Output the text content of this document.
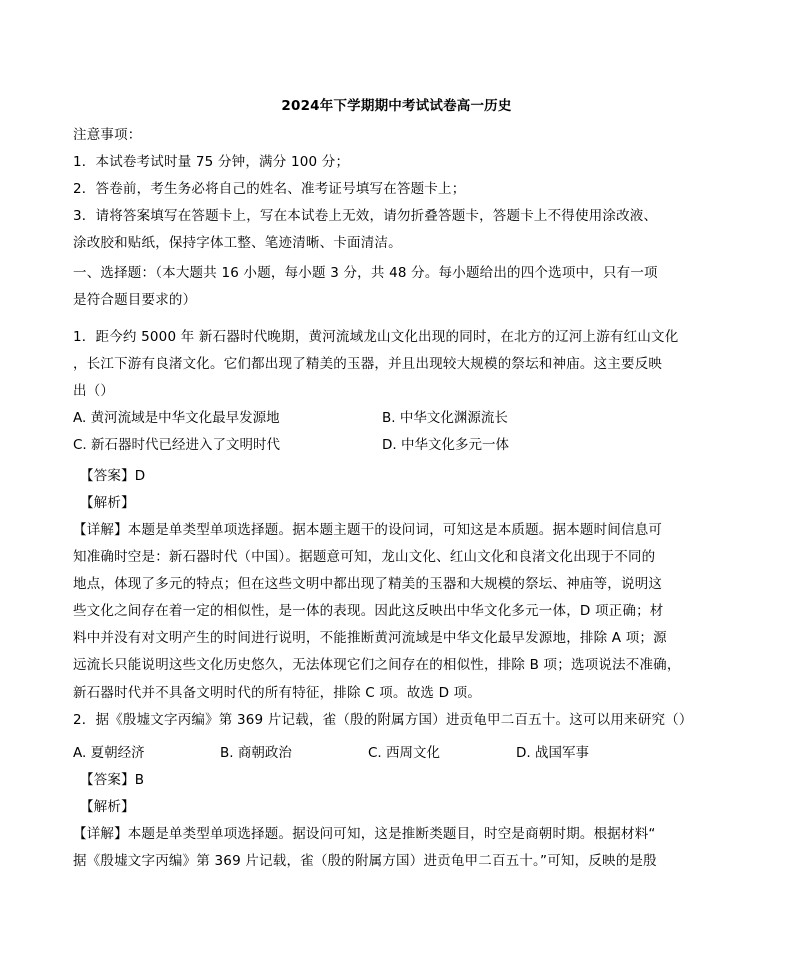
2024年下学期期中考试试卷高一历史
注意事项：
1．本试卷考试时量 75 分钟，满分 100 分；
2．答卷前，考生务必将自己的姓名、准考证号填写在答题卡上；
3．请将答案填写在答题卡上，写在本试卷上无效，请勿折叠答题卡，答题卡上不得使用涂改液、
涂改胶和贴纸，保持字体工整、笔迹清晰、卡面清洁。
一、选择题：（本大题共 16 小题，每小题 3 分，共 48 分。每小题给出的四个选项中，只有一项
是符合题目要求的）
1．距今约 5000 年 新石器时代晚期，黄河流域龙山文化出现的同时，在北方的辽河上游有红山文化
，长江下游有良渚文化。它们都出现了精美的玉器，并且出现较大规模的祭坛和神庙。这主要反映
出（）
A. 黄河流域是中华文化最早发源地	B. 中华文化渊源流长
C. 新石器时代已经进入了文明时代	D. 中华文化多元一体
【答案】D
【解析】
【详解】本题是单类型单项选择题。据本题主题干的设问词，可知这是本质题。据本题时间信息可
知准确时空是：新石器时代（中国）。据题意可知，龙山文化、红山文化和良渚文化出现于不同的
地点，体现了多元的特点；但在这些文明中都出现了精美的玉器和大规模的祭坛、神庙等，说明这
些文化之间存在着一定的相似性，是一体的表现。因此这反映出中华文化多元一体，D 项正确；材
料中并没有对文明产生的时间进行说明，不能推断黄河流域是中华文化最早发源地，排除 A 项；源
远流长只能说明这些文化历史悠久，无法体现它们之间存在的相似性，排除 B 项；选项说法不准确，
新石器时代并不具备文明时代的所有特征，排除 C 项。故选 D 项。
2．据《殷墟文字丙编》第 369 片记载，雀（殷的附属方国）进贡龟甲二百五十。这可以用来研究（）
A. 夏朝经济	B. 商朝政治	C. 西周文化	D. 战国军事
【答案】B
【解析】
【详解】本题是单类型单项选择题。据设问可知，这是推断类题目，时空是商朝时期。根据材料“
据《殷墟文字丙编》第 369 片记载，雀（殷的附属方国）进贡龟甲二百五十。”可知，反映的是殷
